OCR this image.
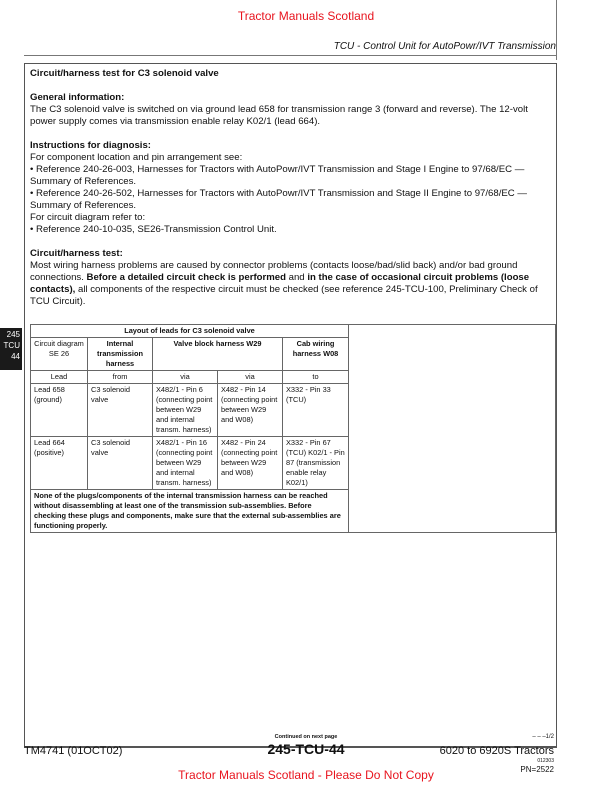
Tractor Manuals Scotland
TCU - Control Unit for AutoPowr/IVT Transmission
245
TCU
44
Circuit/harness test for C3 solenoid valve
General information:

The C3 solenoid valve is switched on via ground lead 658 for transmission range 3 (forward and reverse). The 12-volt power supply comes via transmission enable relay K02/1 (lead 664).

Instructions for diagnosis:

For component location and pin arrangement see:

• Reference 240-26-003, Harnesses for Tractors with AutoPowr/IVT Transmission and Stage I Engine to 97/68/EC — Summary of References.

• Reference 240-26-502, Harnesses for Tractors with AutoPowr/IVT Transmission and Stage II Engine to 97/68/EC — Summary of References.

For circuit diagram refer to:

• Reference 240-10-035, SE26-Transmission Control Unit.

Circuit/harness test:

Most wiring harness problems are caused by connector problems (contacts loose/bad/slid back) and/or bad ground connections. Before a detailed circuit check is performed and in the case of occasional circuit problems (loose contacts), all components of the respective circuit must be checked (see reference 245-TCU-100, Preliminary Check of TCU Circuit).

Layout of leads for C3 solenoid valve					
Circuit diagram SE 26	Internal transmission harness	Valve block harness W29		Cab wiring harness W08	
Lead	from	via	via	to	
Lead 658 (ground)	C3 solenoid valve	X482/1 - Pin 6 (connecting point between W29 and internal transm. harness)	X482 - Pin 14 (connecting point between W29 and W08)	X332 - Pin 33 (TCU)	
Lead 664 (positive)	C3 solenoid valve	X482/1 - Pin 16 (connecting point between W29 and internal transm. harness)	X482 - Pin 24 (connecting point between W29 and W08)	X332 - Pin 67 (TCU) K02/1 - Pin 87 (transmission enable relay K02/1)	
None of the plugs/components of the internal transmission harness can be reached without disassembling at least one of the transmission sub-assemblies. Before checking these plugs and components, make sure that the external sub-assemblies are functioning properly.					
Continued on next page	– – –1/2
TM4741 (01OCT02)	245-TCU-44	6020 to 6920S Tractors
012303
PN=2522
Tractor Manuals Scotland - Please Do Not Copy
